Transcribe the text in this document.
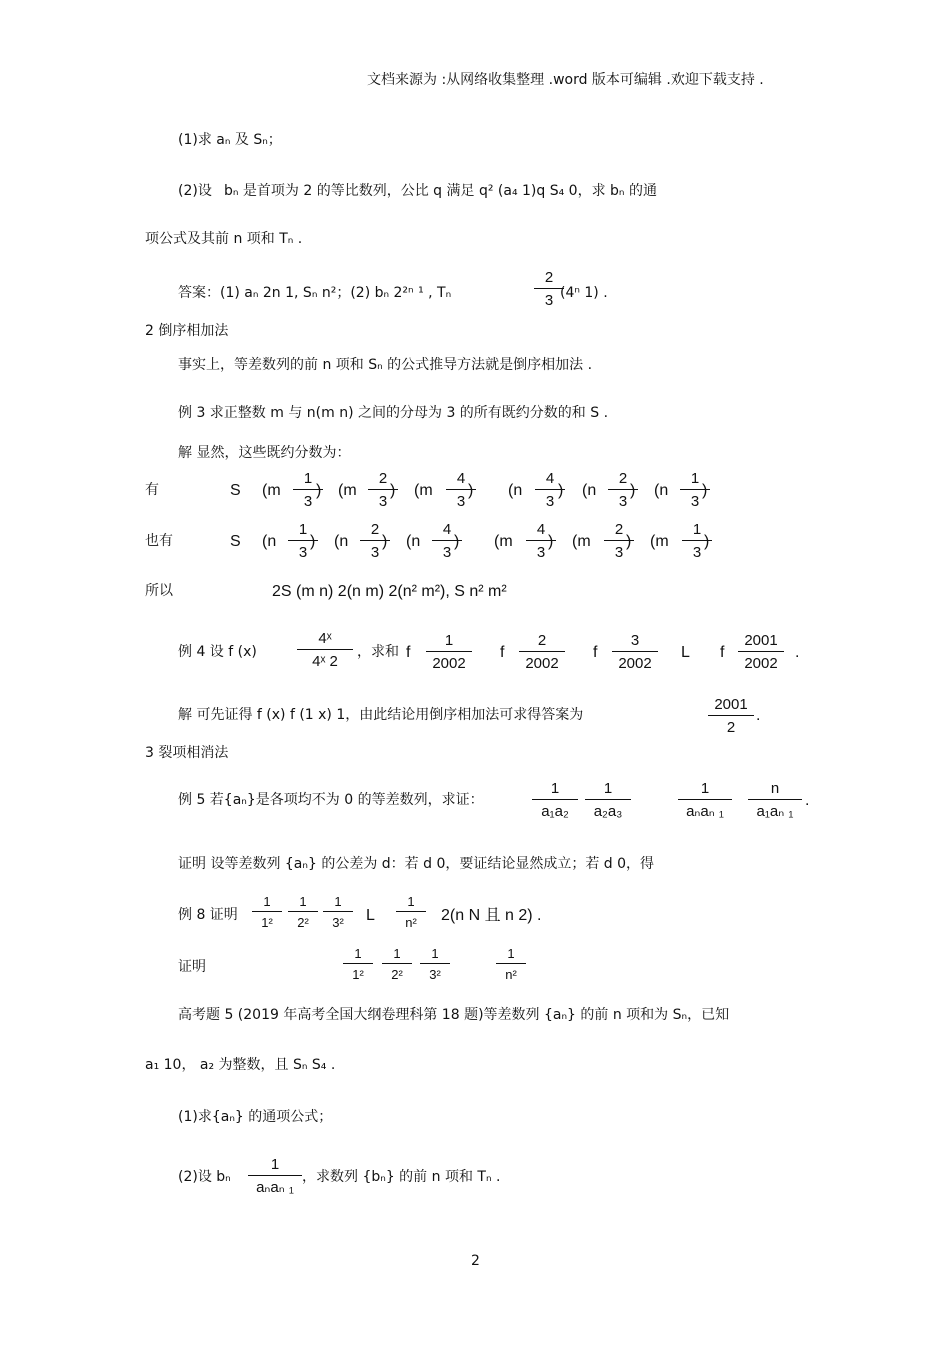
文档来源为 :从网络收集整理 .word 版本可编辑 .欢迎下载支持 .
(1)求 aₙ 及 Sₙ；
(2)设 bₙ 是首项为 2 的等比数列，公比 q 满足 q² (a₄ 1)q S₄ 0，求 bₙ 的通
项公式及其前 n 项和 Tₙ .
答案：(1) aₙ 2n 1, Sₙ n²；(2) bₙ 2²ⁿ ¹ , Tₙ
2
3 (4ⁿ 1) .
2 倒序相加法
事实上，等差数列的前 n 项和 Sₙ 的公式推导方法就是倒序相加法 .
例 3 求正整数 m 与 n(m n) 之间的分母为 3 的所有既约分数的和 S .
解 显然，这些既约分数为：
有	S (m
1
3
) (m
2
3
) (m
4
3
) (n
4
3
) (n
2
3
) (n
1
3
)
也有	S (n
1
3
) (n
2
3
) (n
4
3
) (m
4
3
) (m
2
3
) (m
1
3
)
所以	2S (m n) 2(n m) 2(n² m²), S n² m²
例 4 设 f (x)
4ˣ
4ˣ 2
，求和 f
1
2002
f
2
2002
f
3
2002
L f
2001
2002
.
解 可先证得 f (x) f (1 x) 1，由此结论用倒序相加法可求得答案为
2001
2
.
3 裂项相消法
例 5 若{aₙ}是各项均不为 0 的等差数列，求证：
1
a₁a₂
1
a₂a₃
1
aₙaₙ ₁
n
a₁aₙ ₁
.
证明 设等差数列 {aₙ} 的公差为 d：若 d 0，要证结论显然成立；若 d 0，得
例 8 证明
1
1²
1
2²
1
3²	L
1
n²	2(n N 且 n 2) .
证明
1
1²
1
2²
1
3²
1
n²
高考题 5 (2019 年高考全国大纲卷理科第 18 题)等差数列 {aₙ} 的前 n 项和为 Sₙ，已知
a₁ 10， a₂ 为整数，且 Sₙ S₄ .
(1)求{aₙ} 的通项公式；
(2)设 bₙ
1
aₙaₙ ₁
，求数列 {bₙ} 的前 n 项和 Tₙ .
2
